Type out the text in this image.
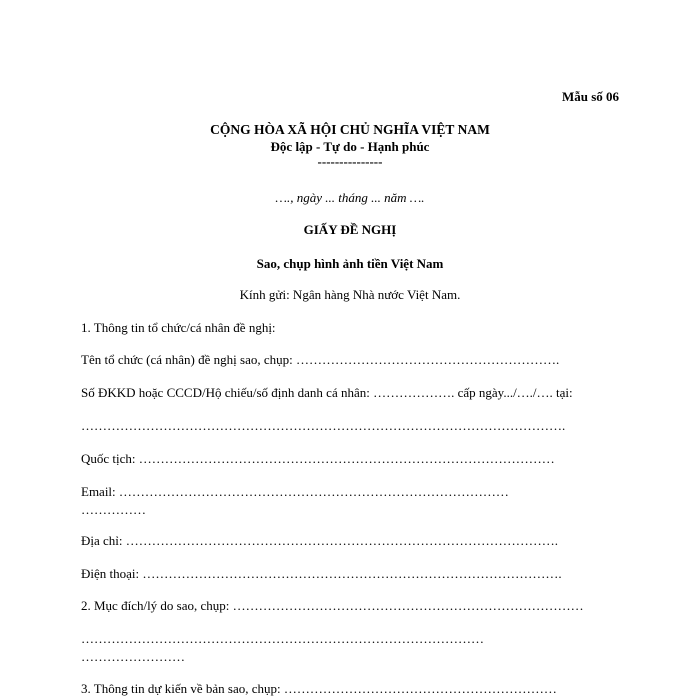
Mẫu số 06
CỘNG HÒA XÃ HỘI CHỦ NGHĨA VIỆT NAM
Độc lập - Tự do - Hạnh phúc
---------------
…., ngày ... tháng ... năm ….
GIẤY ĐỀ NGHỊ
Sao, chụp hình ảnh tiền Việt Nam
Kính gửi: Ngân hàng Nhà nước Việt Nam.
1. Thông tin tổ chức/cá nhân đề nghị:
Tên tổ chức (cá nhân) đề nghị sao, chụp: …………………………………………………….
Số ĐKKD hoặc CCCD/Hộ chiếu/số định danh cá nhân: ………………. cấp ngày.../…./…. tại:
………………………………………………………………………………………………….
Quốc tịch: ……………………………………………………………………………………
Email: ………………………………………………………………………………
……………
Địa chỉ: ……………………………………………………………………………………….
Điện thoại: …………………………………………………………………………………….
2. Mục đích/lý do sao, chụp: ………………………………………………………………………
…………………………………………………………………………………
……………………
3. Thông tin dự kiến về bản sao, chụp: ………………………………………………………
